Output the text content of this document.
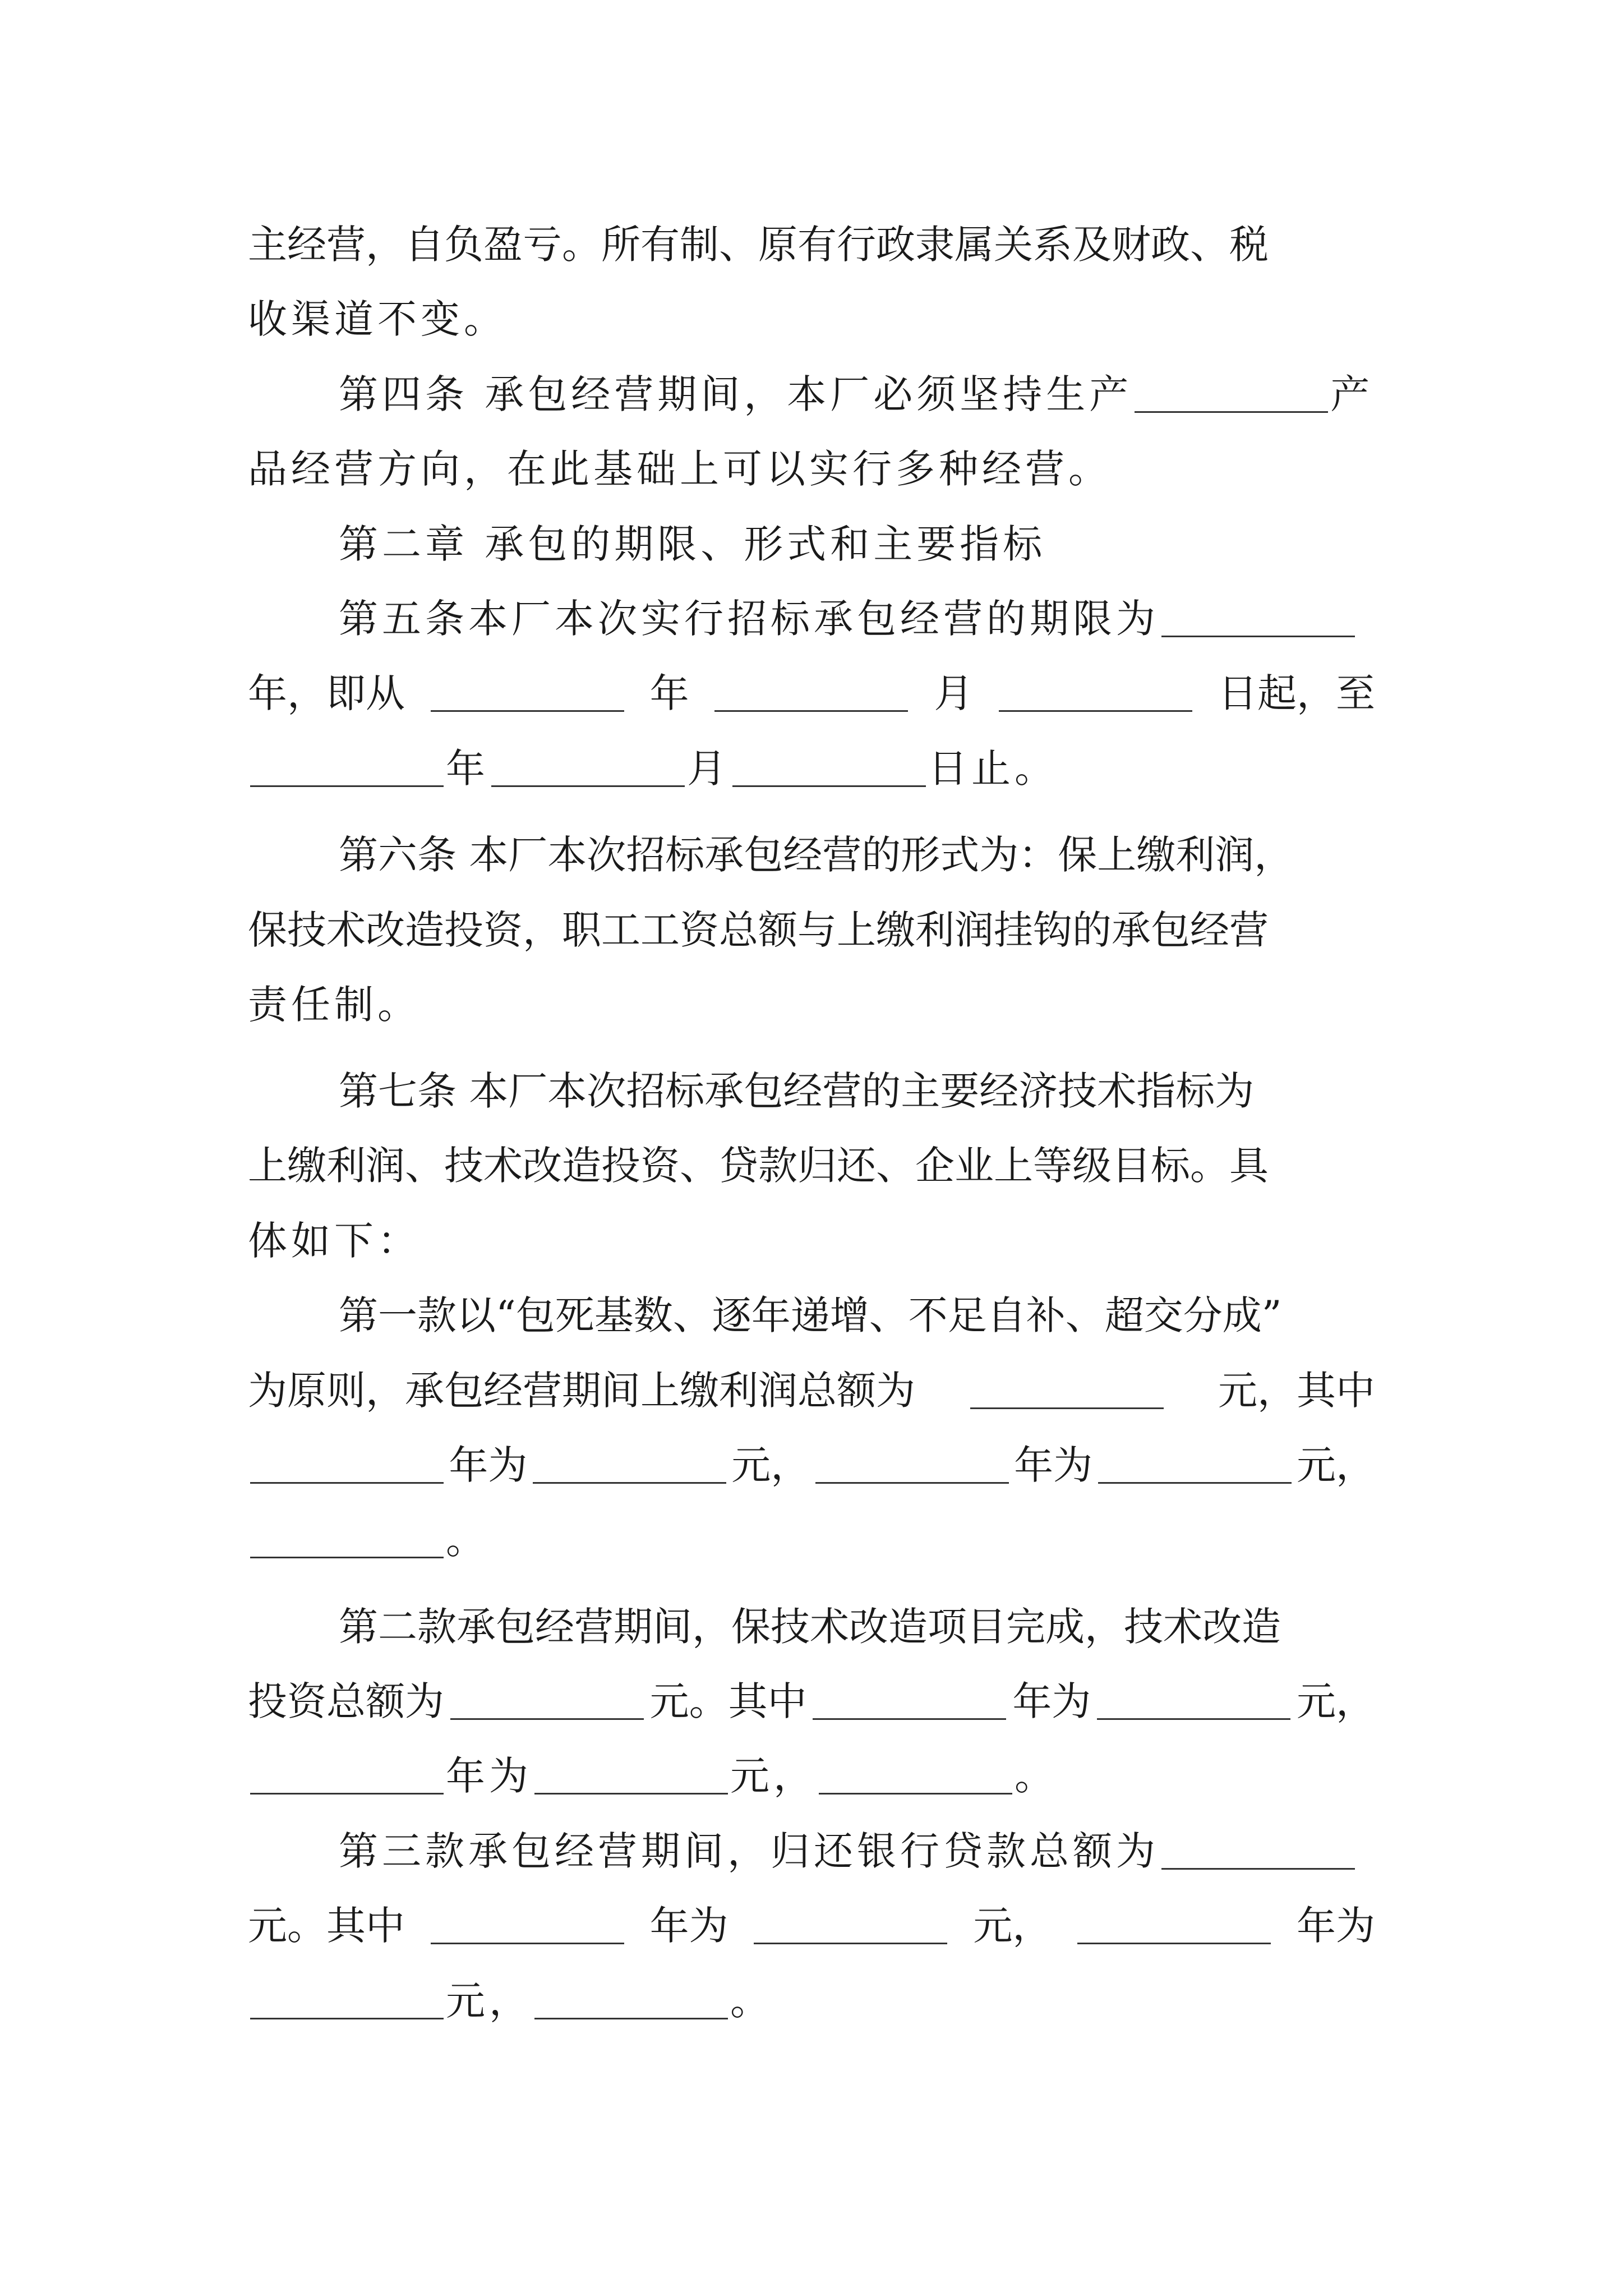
主经营，自负盈亏。所有制、原有行政隶属关系及财政、税
收渠道不变。
第四条 承包经营期间，本厂必须坚持生产	产
品经营方向，在此基础上可以实行多种经营。
第二章 承包的期限、形式和主要指标
第五条本厂本次实行招标承包经营的期限为
年，即从	年	月	日起，至
年	月	日止。
第六条 本厂本次招标承包经营的形式为：保上缴利润，
保技术改造投资，职工工资总额与上缴利润挂钩的承包经营
责任制。
第七条 本厂本次招标承包经营的主要经济技术指标为
上缴利润、技术改造投资、贷款归还、企业上等级目标。具
体如下：
第一款以“包死基数、逐年递增、不足自补、超交分成”
为原则，承包经营期间上缴利润总额为	元，其中
年为	元，	年为	元，
。
第二款承包经营期间，保技术改造项目完成，技术改造
投资总额为	元。其中	年为	元，
年为	元，	。
第三款承包经营期间，归还银行贷款总额为
元。其中	年为	元，	年为
元，	。
